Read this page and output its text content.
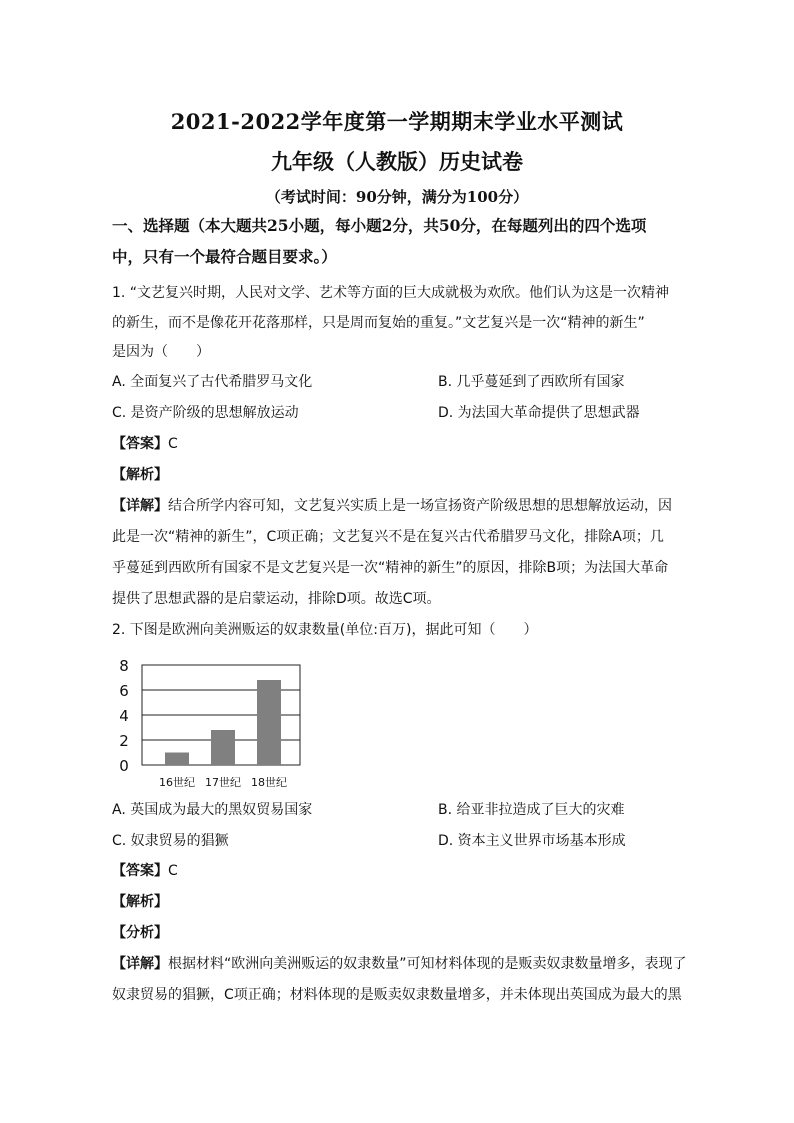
2021-2022学年度第一学期期末学业水平测试
九年级（人教版）历史试卷
（考试时间：90分钟，满分为100分）
一、选择题（本大题共25小题，每小题2分，共50分，在每题列出的四个选项
中，只有一个最符合题目要求。）
1. “文艺复兴时期，人民对文学、艺术等方面的巨大成就极为欢欣。他们认为这是一次精神
的新生，而不是像花开花落那样，只是周而复始的重复。”文艺复兴是一次“精神的新生”
是因为（　　）
A. 全面复兴了古代希腊罗马文化	B. 几乎蔓延到了西欧所有国家
C. 是资产阶级的思想解放运动	D. 为法国大革命提供了思想武器
【答案】C
【解析】
【详解】结合所学内容可知，文艺复兴实质上是一场宣扬资产阶级思想的思想解放运动，因
此是一次“精神的新生”，C项正确；文艺复兴不是在复兴古代希腊罗马文化，排除A项；几
乎蔓延到西欧所有国家不是文艺复兴是一次“精神的新生”的原因，排除B项；为法国大革命
提供了思想武器的是启蒙运动，排除D项。故选C项。
2. 下图是欧洲向美洲贩运的奴隶数量(单位:百万)，据此可知（　　）
0
2
4
6
8
16世纪 17世纪 18世纪
A. 英国成为最大的黑奴贸易国家	B. 给亚非拉造成了巨大的灾难
C. 奴隶贸易的猖獗	D. 资本主义世界市场基本形成
【答案】C
【解析】
【分析】
【详解】根据材料“欧洲向美洲贩运的奴隶数量”可知材料体现的是贩卖奴隶数量增多，表现了
奴隶贸易的猖獗，C项正确；材料体现的是贩卖奴隶数量增多，并未体现出英国成为最大的黑
